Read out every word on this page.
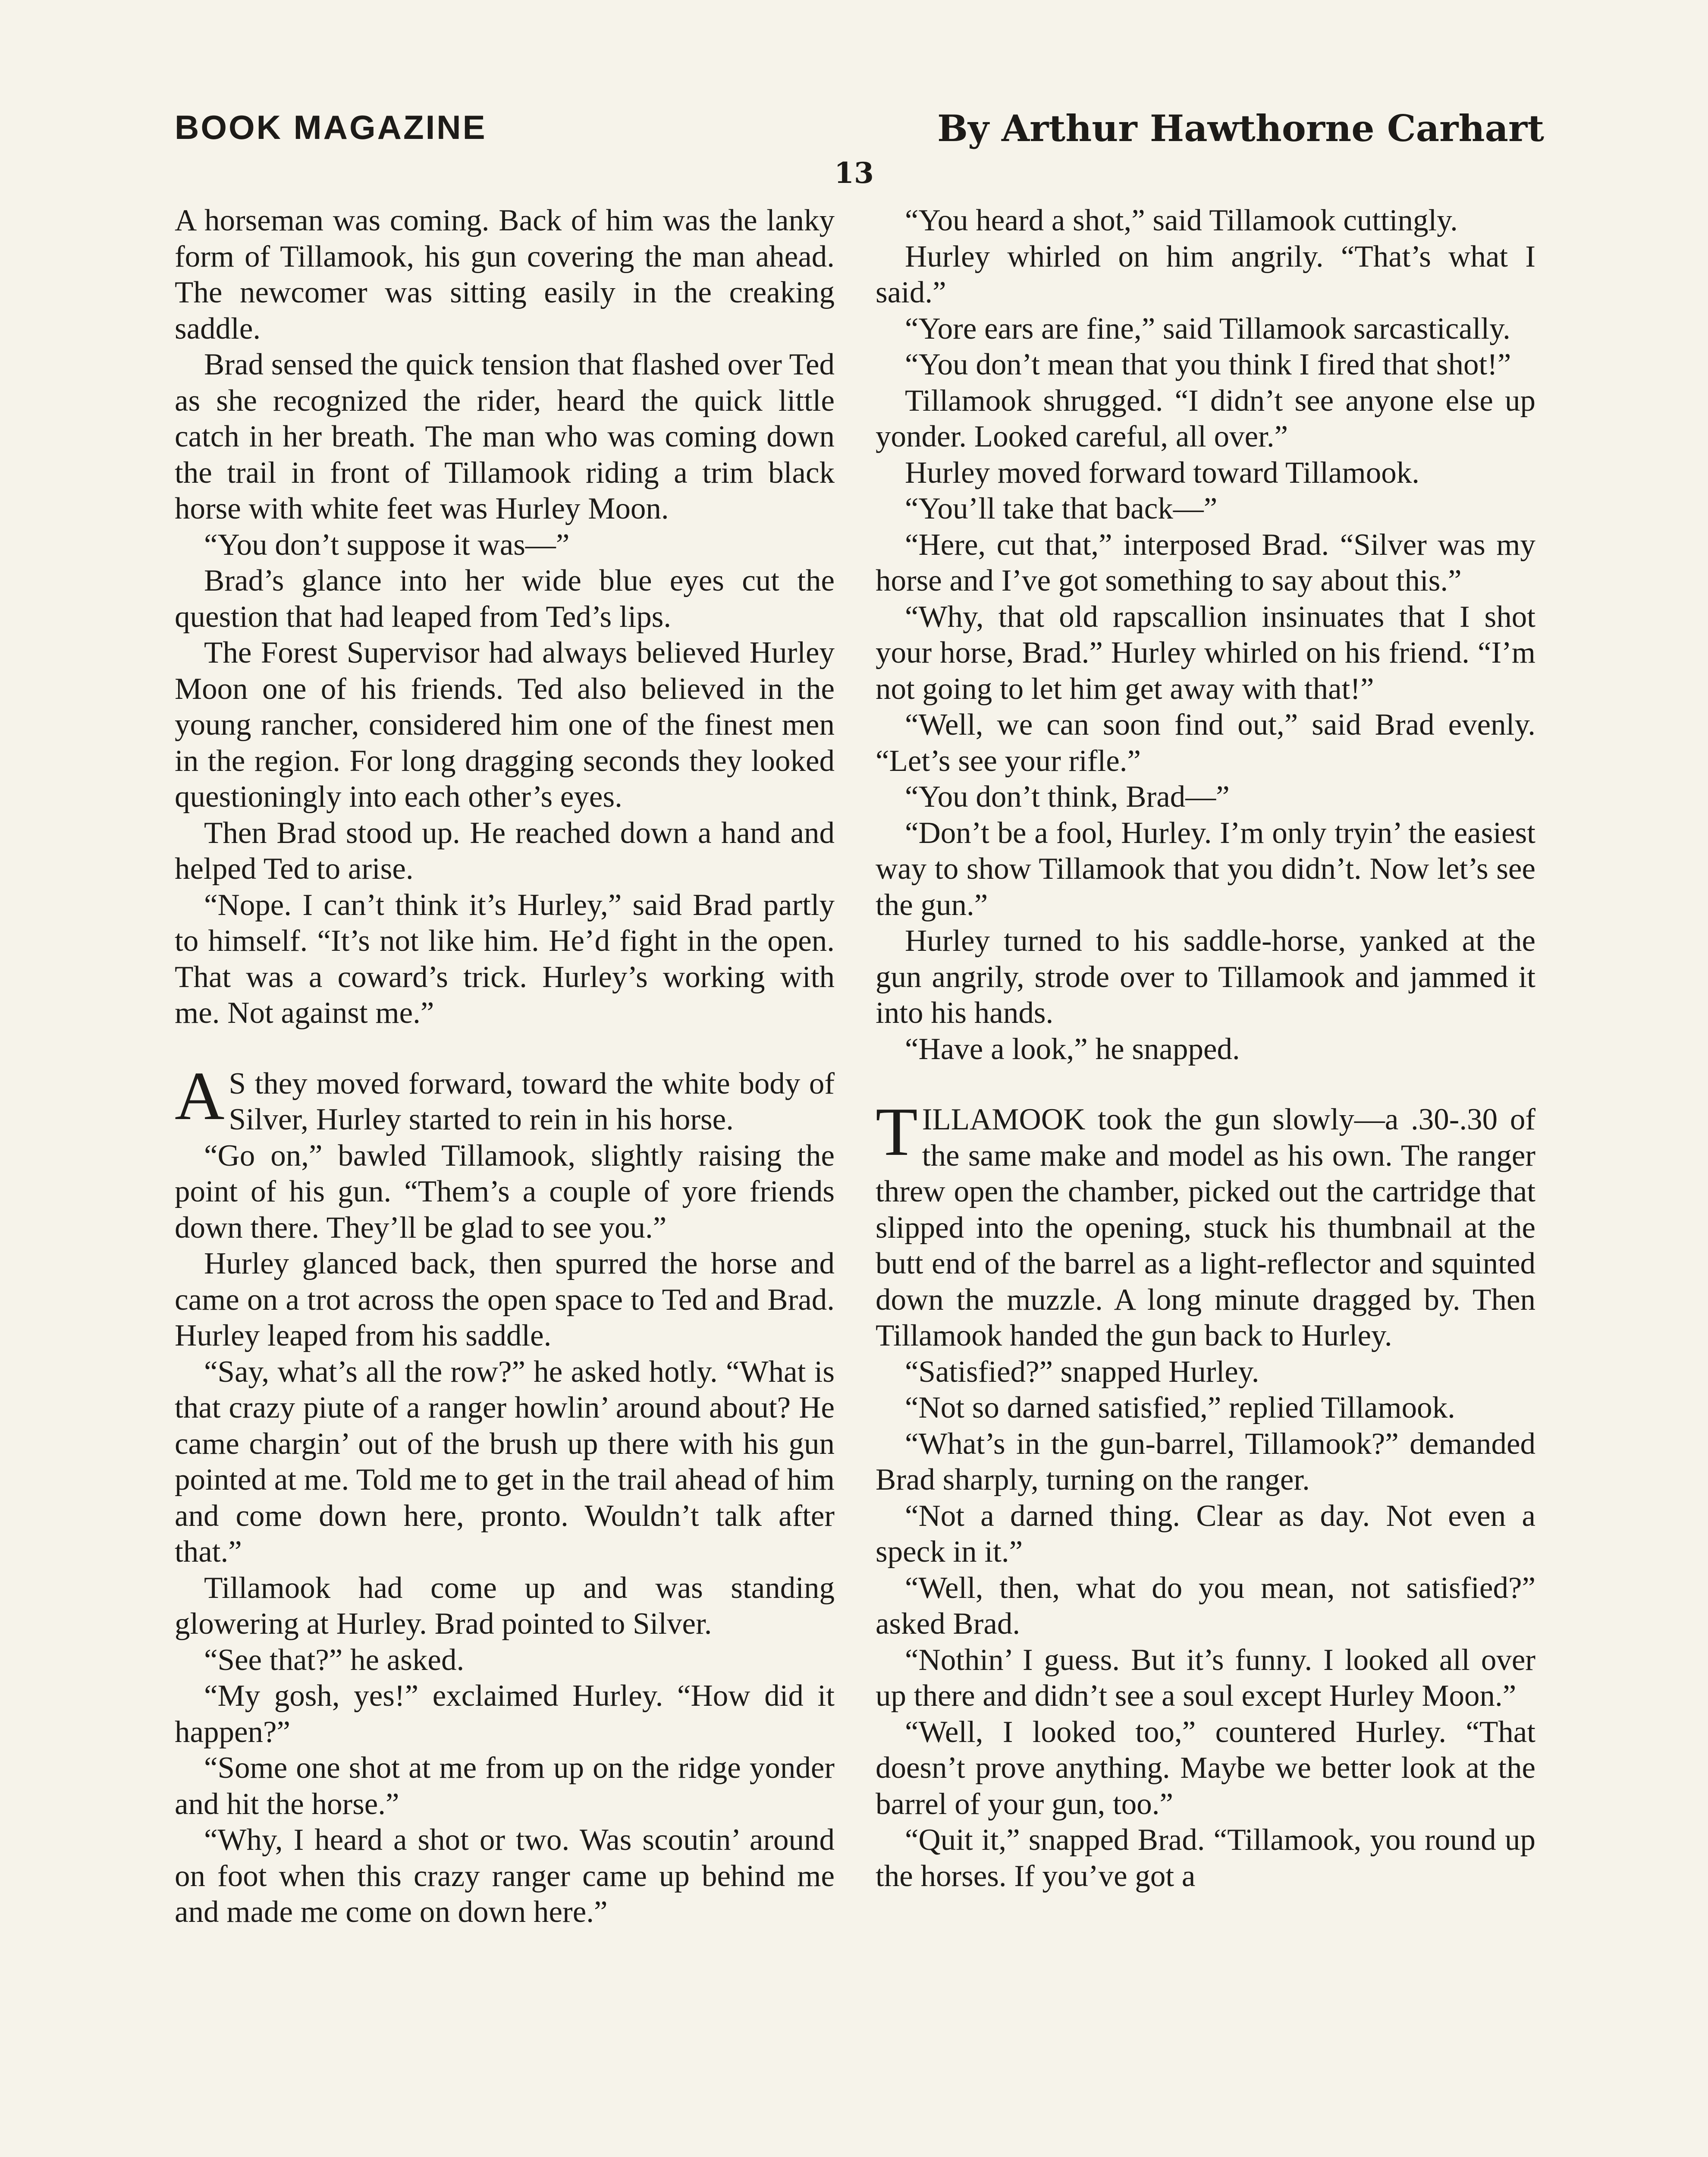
BOOK MAGAZINE	By Arthur Hawthorne Carhart
13

A horseman was coming. Back of him was the lanky form of Tillamook, his gun covering the man ahead. The newcomer was sitting easily in the creaking saddle.

Brad sensed the quick tension that flashed over Ted as she recognized the rider, heard the quick little catch in her breath. The man who was coming down the trail in front of Tillamook riding a trim black horse with white feet was Hurley Moon.

“You don’t suppose it was—”

Brad’s glance into her wide blue eyes cut the question that had leaped from Ted’s lips.

The Forest Supervisor had always believed Hurley Moon one of his friends. Ted also believed in the young rancher, considered him one of the finest men in the region. For long dragging seconds they looked questioningly into each other’s eyes.

Then Brad stood up. He reached down a hand and helped Ted to arise.

“Nope. I can’t think it’s Hurley,” said Brad partly to himself. “It’s not like him. He’d fight in the open. That was a coward’s trick. Hurley’s working with me. Not against me.”

A S they moved forward, toward the white body of Silver, Hurley started to rein in his horse.

“Go on,” bawled Tillamook, slightly raising the point of his gun. “Them’s a couple of yore friends down there. They’ll be glad to see you.”

Hurley glanced back, then spurred the horse and came on a trot across the open space to Ted and Brad. Hurley leaped from his saddle.

“Say, what’s all the row?” he asked hotly. “What is that crazy piute of a ranger howlin’ around about? He came chargin’ out of the brush up there with his gun pointed at me. Told me to get in the trail ahead of him and come down here, pronto. Wouldn’t talk after that.”

Tillamook had come up and was standing glowering at Hurley. Brad pointed to Silver.

“See that?” he asked.

“My gosh, yes!” exclaimed Hurley. “How did it happen?”

“Some one shot at me from up on the ridge yonder and hit the horse.”

“Why, I heard a shot or two. Was scoutin’ around on foot when this crazy ranger came up behind me and made me come on down here.”

“You heard a shot,” said Tillamook cuttingly.

Hurley whirled on him angrily. “That’s what I said.”

“Yore ears are fine,” said Tillamook sarcastically.

“You don’t mean that you think I fired that shot!”

Tillamook shrugged. “I didn’t see anyone else up yonder. Looked careful, all over.”

Hurley moved forward toward Tillamook.

“You’ll take that back—”

“Here, cut that,” interposed Brad. “Silver was my horse and I’ve got something to say about this.”

“Why, that old rapscallion insinuates that I shot your horse, Brad.” Hurley whirled on his friend. “I’m not going to let him get away with that!”

“Well, we can soon find out,” said Brad evenly. “Let’s see your rifle.”

“You don’t think, Brad—”

“Don’t be a fool, Hurley. I’m only tryin’ the easiest way to show Tillamook that you didn’t. Now let’s see the gun.”

Hurley turned to his saddle-horse, yanked at the gun angrily, strode over to Tillamook and jammed it into his hands.

“Have a look,” he snapped.

TILLAMOOK took the gun slowly—a .30-.30 of the same make and model as his own. The ranger threw open the chamber, picked out the cartridge that slipped into the opening, stuck his thumbnail at the butt end of the barrel as a light-reflector and squinted down the muzzle. A long minute dragged by. Then Tillamook handed the gun back to Hurley.

“Satisfied?” snapped Hurley.

“Not so darned satisfied,” replied Tillamook.

“What’s in the gun-barrel, Tillamook?” demanded Brad sharply, turning on the ranger.

“Not a darned thing. Clear as day. Not even a speck in it.”

“Well, then, what do you mean, not satisfied?” asked Brad.

“Nothin’ I guess. But it’s funny. I looked all over up there and didn’t see a soul except Hurley Moon.”

“Well, I looked too,” countered Hurley. “That doesn’t prove anything. Maybe we better look at the barrel of your gun, too.”

“Quit it,” snapped Brad. “Tillamook, you round up the horses. If you’ve got a
